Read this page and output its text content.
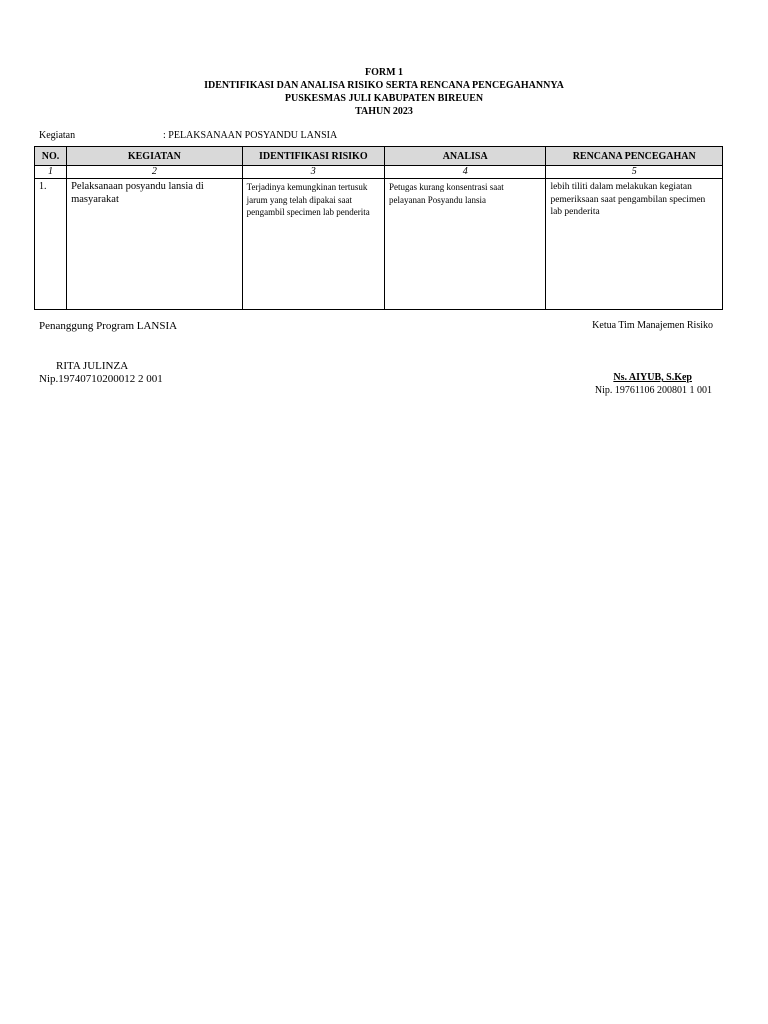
FORM 1
IDENTIFIKASI DAN ANALISA RISIKO SERTA RENCANA PENCEGAHANNYA
PUSKESMAS JULI KABUPATEN BIREUEN
TAHUN 2023
Kegiatan	: PELAKSANAAN POSYANDU LANSIA
NO.	KEGIATAN	IDENTIFIKASI RISIKO	ANALISA	RENCANA PENCEGAHAN
1	2	3	4	5
1.	Pelaksanaan posyandu lansia di masyarakat	Terjadinya kemungkinan tertusuk jarum yang telah dipakai saat pengambil specimen lab penderita	Petugas kurang konsentrasi saat pelayanan Posyandu lansia	lebih tiliti dalam melakukan kegiatan pemeriksaan saat pengambilan specimen lab penderita
Penanggung Program LANSIA
RITA JULINZA
Nip.19740710200012 2 001
Ketua Tim Manajemen Risiko
Ns. AIYUB, S.Kep
Nip. 19761106 200801 1 001
